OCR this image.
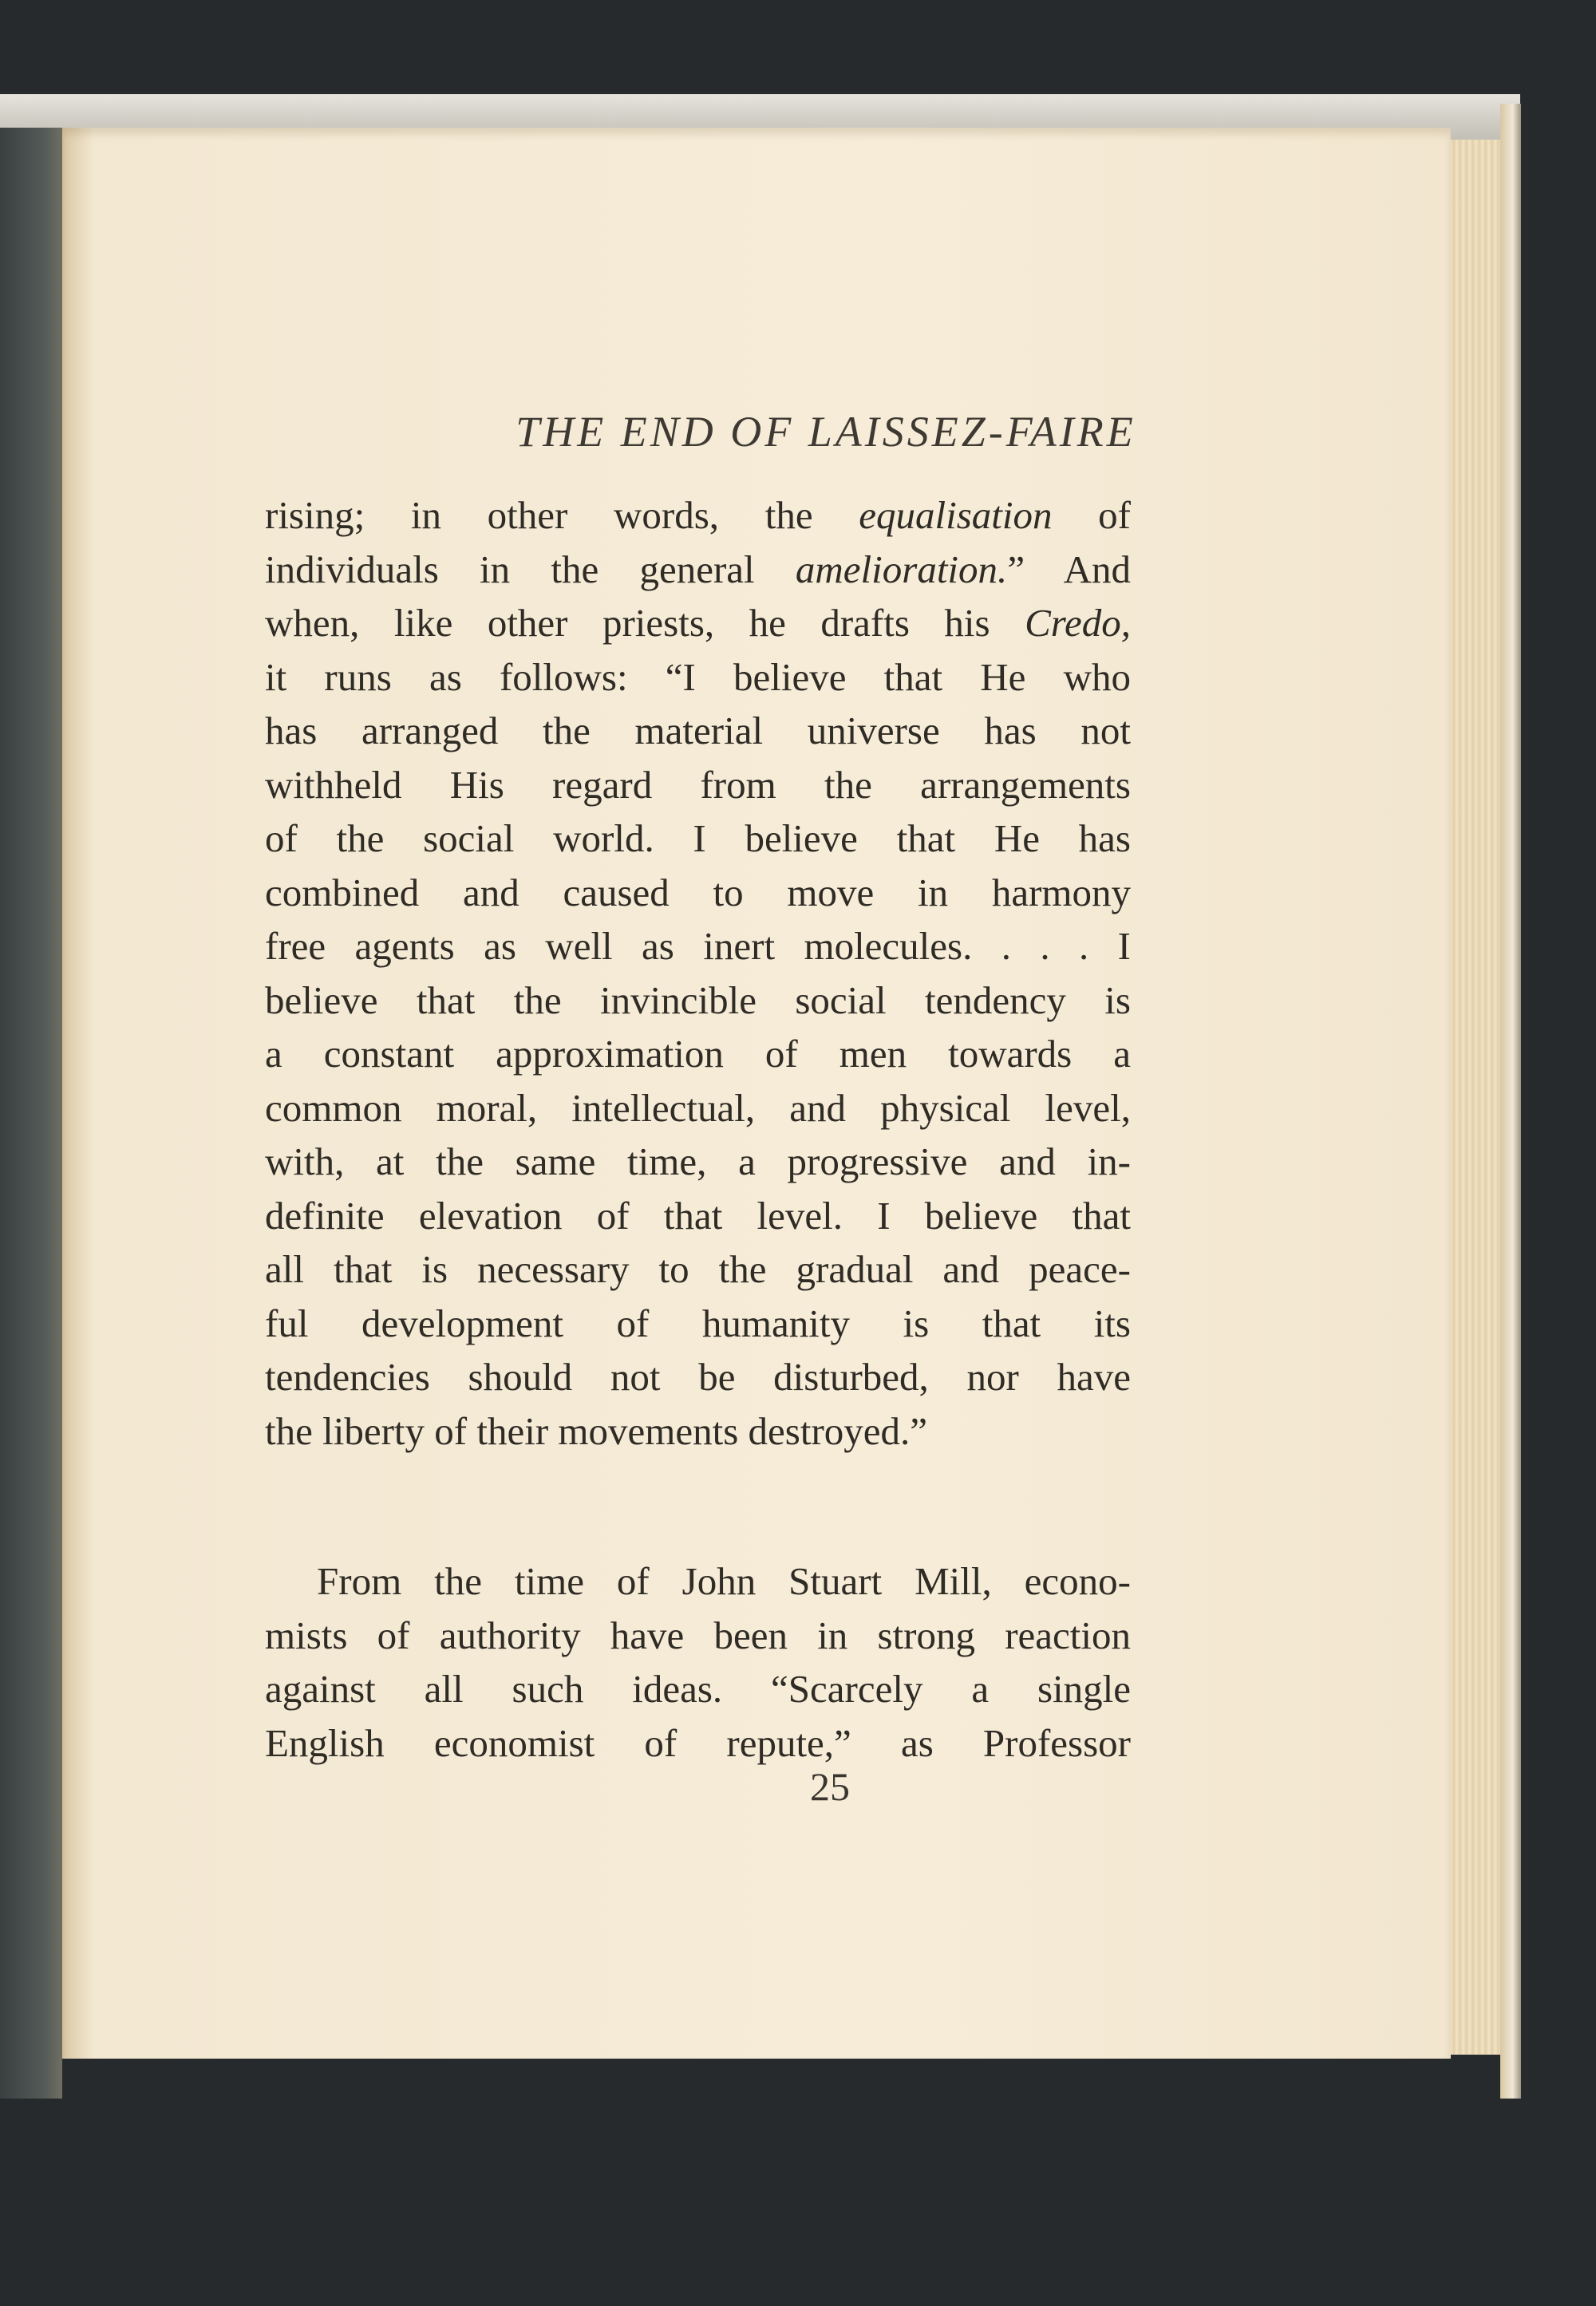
THE END OF LAISSEZ-FAIRE
rising; in other words, the equalisation of
individuals in the general amelioration.” And
when, like other priests, he drafts his Credo,
it runs as follows: “I believe that He who
has arranged the material universe has not
withheld His regard from the arrangements
of the social world. I believe that He has
combined and caused to move in harmony
free agents as well as inert molecules. . . . I
believe that the invincible social tendency is
a constant approximation of men towards a
common moral, intellectual, and physical level,
with, at the same time, a progressive and in-
definite elevation of that level. I believe that
all that is necessary to the gradual and peace-
ful development of humanity is that its
tendencies should not be disturbed, nor have
the liberty of their movements destroyed.”
From the time of John Stuart Mill, econo-
mists of authority have been in strong reaction
against all such ideas. “Scarcely a single
English economist of repute,” as Professor
25
